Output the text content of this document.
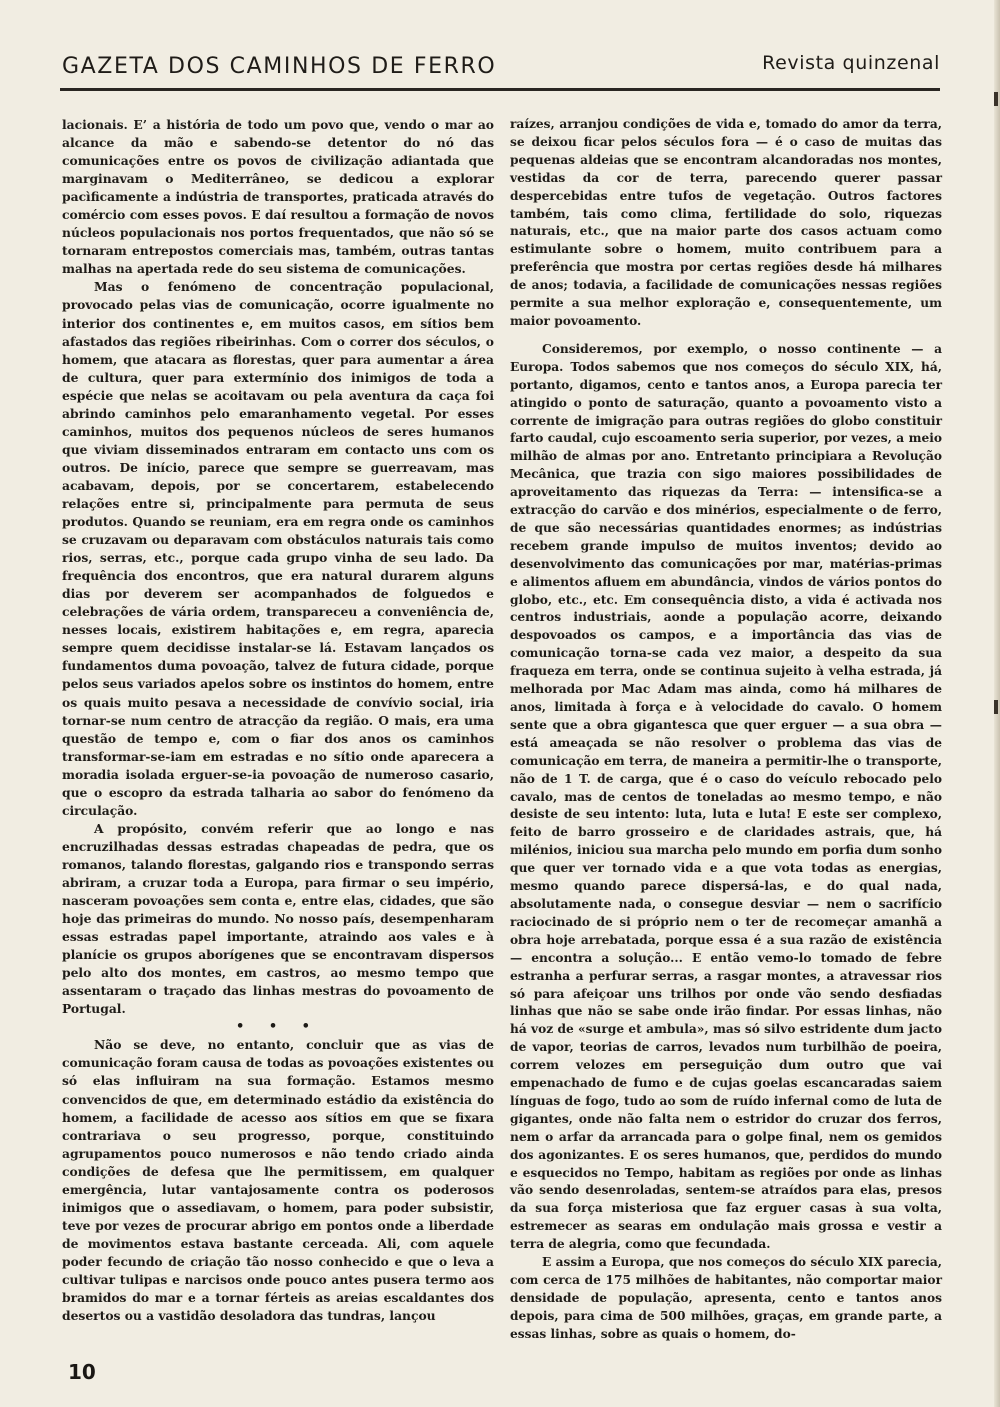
GAZETA DOS CAMINHOS DE FERRO	Revista quinzenal

lacionais. E’ a história de todo um povo que, vendo o mar ao alcance da mão e sabendo-se detentor do nó das comunicações entre os povos de civilização adiantada que marginavam o Mediterrâneo, se dedicou a explorar pacìficamente a indústria de transportes, praticada através do comércio com esses povos. E daí resultou a formação de novos núcleos populacionais nos portos frequentados, que não só se tornaram entrepostos comerciais mas, também, outras tantas malhas na apertada rede do seu sistema de comunicações.

Mas o fenómeno de concentração populacional, provocado pelas vias de comunicação, ocorre igualmente no interior dos continentes e, em muitos casos, em sítios bem afastados das regiões ribeirinhas. Com o correr dos séculos, o homem, que atacara as florestas, quer para aumentar a área de cultura, quer para extermínio dos inimigos de toda a espécie que nelas se acoitavam ou pela aventura da caça foi abrindo caminhos pelo emaranhamento vegetal. Por esses caminhos, muitos dos pequenos núcleos de seres humanos que viviam disseminados entraram em contacto uns com os outros. De início, parece que sempre se guerreavam, mas acabavam, depois, por se concertarem, estabelecendo relações entre si, principalmente para permuta de seus produtos. Quando se reuniam, era em regra onde os caminhos se cruzavam ou deparavam com obstáculos naturais tais como rios, serras, etc., porque cada grupo vinha de seu lado. Da frequência dos encontros, que era natural durarem alguns dias por deverem ser acompanhados de folguedos e celebrações de vária ordem, transpareceu a conveniência de, nesses locais, existirem habitações e, em regra, aparecia sempre quem decidisse instalar-se lá. Estavam lançados os fundamentos duma povoação, talvez de futura cidade, porque pelos seus variados apelos sobre os instintos do homem, entre os quais muito pesava a necessidade de convívio social, iria tornar-se num centro de atracção da região. O mais, era uma questão de tempo e, com o fiar dos anos os caminhos transformar-se-iam em estradas e no sítio onde aparecera a moradia isolada erguer-se-ia povoação de numeroso casario, que o escopro da estrada talharia ao sabor do fenómeno da circulação.

A propósito, convém referir que ao longo e nas encruzilhadas dessas estradas chapeadas de pedra, que os romanos, talando florestas, galgando rios e transpondo serras abriram, a cruzar toda a Europa, para firmar o seu império, nasceram povoações sem conta e, entre elas, cidades, que são hoje das primeiras do mundo. No nosso país, desempenharam essas estradas papel importante, atraindo aos vales e à planície os grupos aborígenes que se encontravam dispersos pelo alto dos montes, em castros, ao mesmo tempo que assentaram o traçado das linhas mestras do povoamento de Portugal.

• • •

Não se deve, no entanto, concluir que as vias de comunicação foram causa de todas as povoações existentes ou só elas influiram na sua formação. Estamos mesmo convencidos de que, em determinado estádio da existência do homem, a facilidade de acesso aos sítios em que se fixara contrariava o seu progresso, porque, constituindo agrupamentos pouco numerosos e não tendo criado ainda condições de defesa que lhe permitissem, em qualquer emergência, lutar vantajosamente contra os poderosos inimigos que o assediavam, o homem, para poder subsistir, teve por vezes de procurar abrigo em pontos onde a liberdade de movimentos estava bastante cerceada. Ali, com aquele poder fecundo de criação tão nosso conhecido e que o leva a cultivar tulipas e narcisos onde pouco antes pusera termo aos bramidos do mar e a tornar férteis as areias escaldantes dos desertos ou a vastidão desoladora das tundras, lançou

raízes, arranjou condições de vida e, tomado do amor da terra, se deixou ficar pelos séculos fora — é o caso de muitas das pequenas aldeias que se encontram alcandoradas nos montes, vestidas da cor de terra, parecendo querer passar despercebidas entre tufos de vegetação. Outros factores também, tais como clima, fertilidade do solo, riquezas naturais, etc., que na maior parte dos casos actuam como estimulante sobre o homem, muito contribuem para a preferência que mostra por certas regiões desde há milhares de anos; todavia, a facilidade de comunicações nessas regiões permite a sua melhor exploração e, consequentemente, um maior povoamento.

Consideremos, por exemplo, o nosso continente — a Europa. Todos sabemos que nos começos do século XIX, há, portanto, digamos, cento e tantos anos, a Europa parecia ter atingido o ponto de saturação, quanto a povoamento visto a corrente de imigração para outras regiões do globo constituir farto caudal, cujo escoamento seria superior, por vezes, a meio milhão de almas por ano. Entretanto principiara a Revolução Mecânica, que trazia con sigo maiores possibilidades de aproveitamento das riquezas da Terra: — intensifica-se a extracção do carvão e dos minérios, especialmente o de ferro, de que são necessárias quantidades enormes; as indústrias recebem grande impulso de muitos inventos; devido ao desenvolvimento das comunicações por mar, matérias-primas e alimentos afluem em abundância, vindos de vários pontos do globo, etc., etc. Em consequência disto, a vida é activada nos centros industriais, aonde a população acorre, deixando despovoados os campos, e a importância das vias de comunicação torna-se cada vez maior, a despeito da sua fraqueza em terra, onde se continua sujeito à velha estrada, já melhorada por Mac Adam mas ainda, como há milhares de anos, limitada à força e à velocidade do cavalo. O homem sente que a obra gigantesca que quer erguer — a sua obra — está ameaçada se não resolver o problema das vias de comunicação em terra, de maneira a permitir-lhe o transporte, não de 1 T. de carga, que é o caso do veículo rebocado pelo cavalo, mas de centos de toneladas ao mesmo tempo, e não desiste de seu intento: luta, luta e luta! E este ser complexo, feito de barro grosseiro e de claridades astrais, que, há milénios, iniciou sua marcha pelo mundo em porfia dum sonho que quer ver tornado vida e a que vota todas as energias, mesmo quando parece dispersá-las, e do qual nada, absolutamente nada, o consegue desviar — nem o sacrifício raciocinado de si próprio nem o ter de recomeçar amanhã a obra hoje arrebatada, porque essa é a sua razão de existência — encontra a solução... E então vemo-lo tomado de febre estranha a perfurar serras, a rasgar montes, a atravessar rios só para afeiçoar uns trilhos por onde vão sendo desfiadas linhas que não se sabe onde irão findar. Por essas linhas, não há voz de «surge et ambula», mas só silvo estridente dum jacto de vapor, teorias de carros, levados num turbilhão de poeira, correm velozes em perseguição dum outro que vai empenachado de fumo e de cujas goelas escancaradas saiem línguas de fogo, tudo ao som de ruído infernal como de luta de gigantes, onde não falta nem o estridor do cruzar dos ferros, nem o arfar da arrancada para o golpe final, nem os gemidos dos agonizantes. E os seres humanos, que, perdidos do mundo e esquecidos no Tempo, habitam as regiões por onde as linhas vão sendo desenroladas, sentem-se atraídos para elas, presos da sua força misteriosa que faz erguer casas à sua volta, estremecer as searas em ondulação mais grossa e vestir a terra de alegria, como que fecundada.

E assim a Europa, que nos começos do século XIX parecia, com cerca de 175 milhões de habitantes, não comportar maior densidade de população, apresenta, cento e tantos anos depois, para cima de 500 milhões, graças, em grande parte, a essas linhas, sobre as quais o homem, do-

10
